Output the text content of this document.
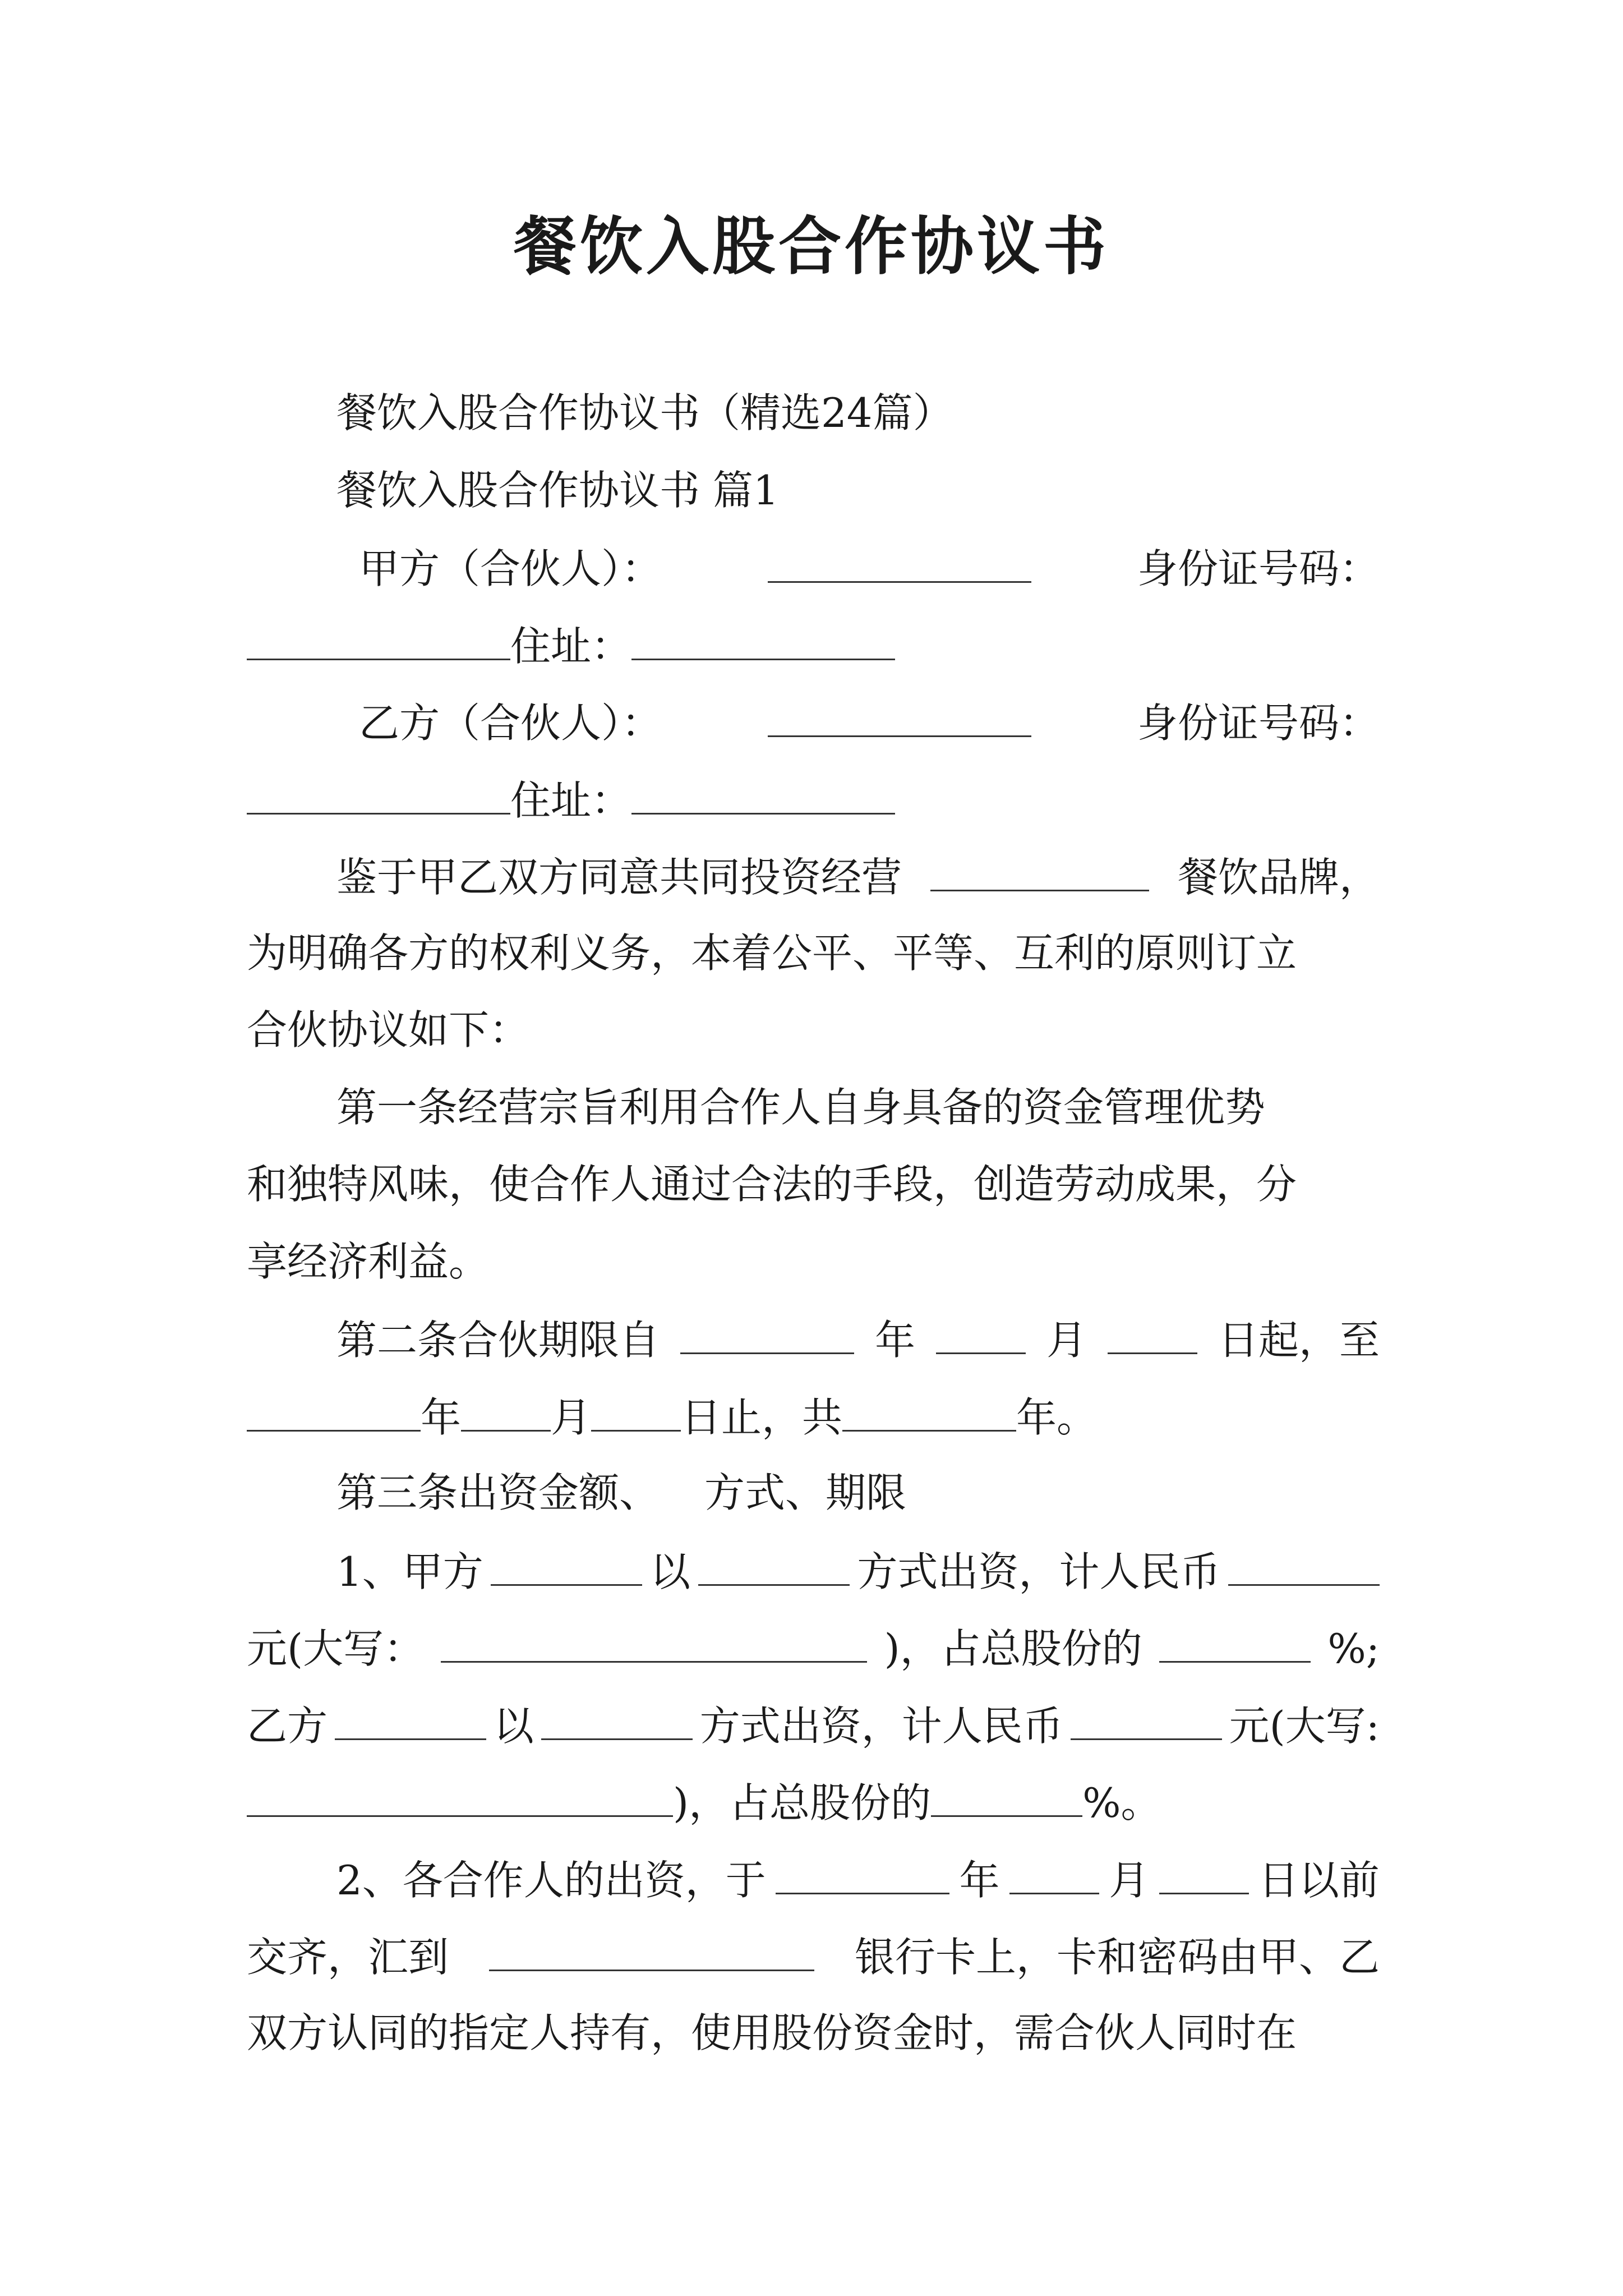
餐饮入股合作协议书
餐饮入股合作协议书（精选24篇）
餐饮入股合作协议书 篇1
甲方（合伙人）：	身份证号码：
住址：
乙方（合伙人）：	身份证号码：
住址：
鉴于甲乙双方同意共同投资经营	餐饮品牌，
为明确各方的权利义务，本着公平、平等、互利的原则订立
合伙协议如下：
第一条经营宗旨利用合作人自身具备的资金管理优势
和独特风味，使合作人通过合法的手段，创造劳动成果，分
享经济利益。
第二条合伙期限自	年	月	日起，至
年 月 日止，共	年。
第三条出资金额、 方式、期限
1、甲方	以	方式出资，计人民币
元(大写：	)，占总股份的	%;
乙方	以	方式出资，计人民币	元(大写:
)，占总股份的	%。
2、各合作人的出资，于	年	月	日以前
交齐，汇到	银行卡上，卡和密码由甲、乙
双方认同的指定人持有，使用股份资金时，需合伙人同时在
